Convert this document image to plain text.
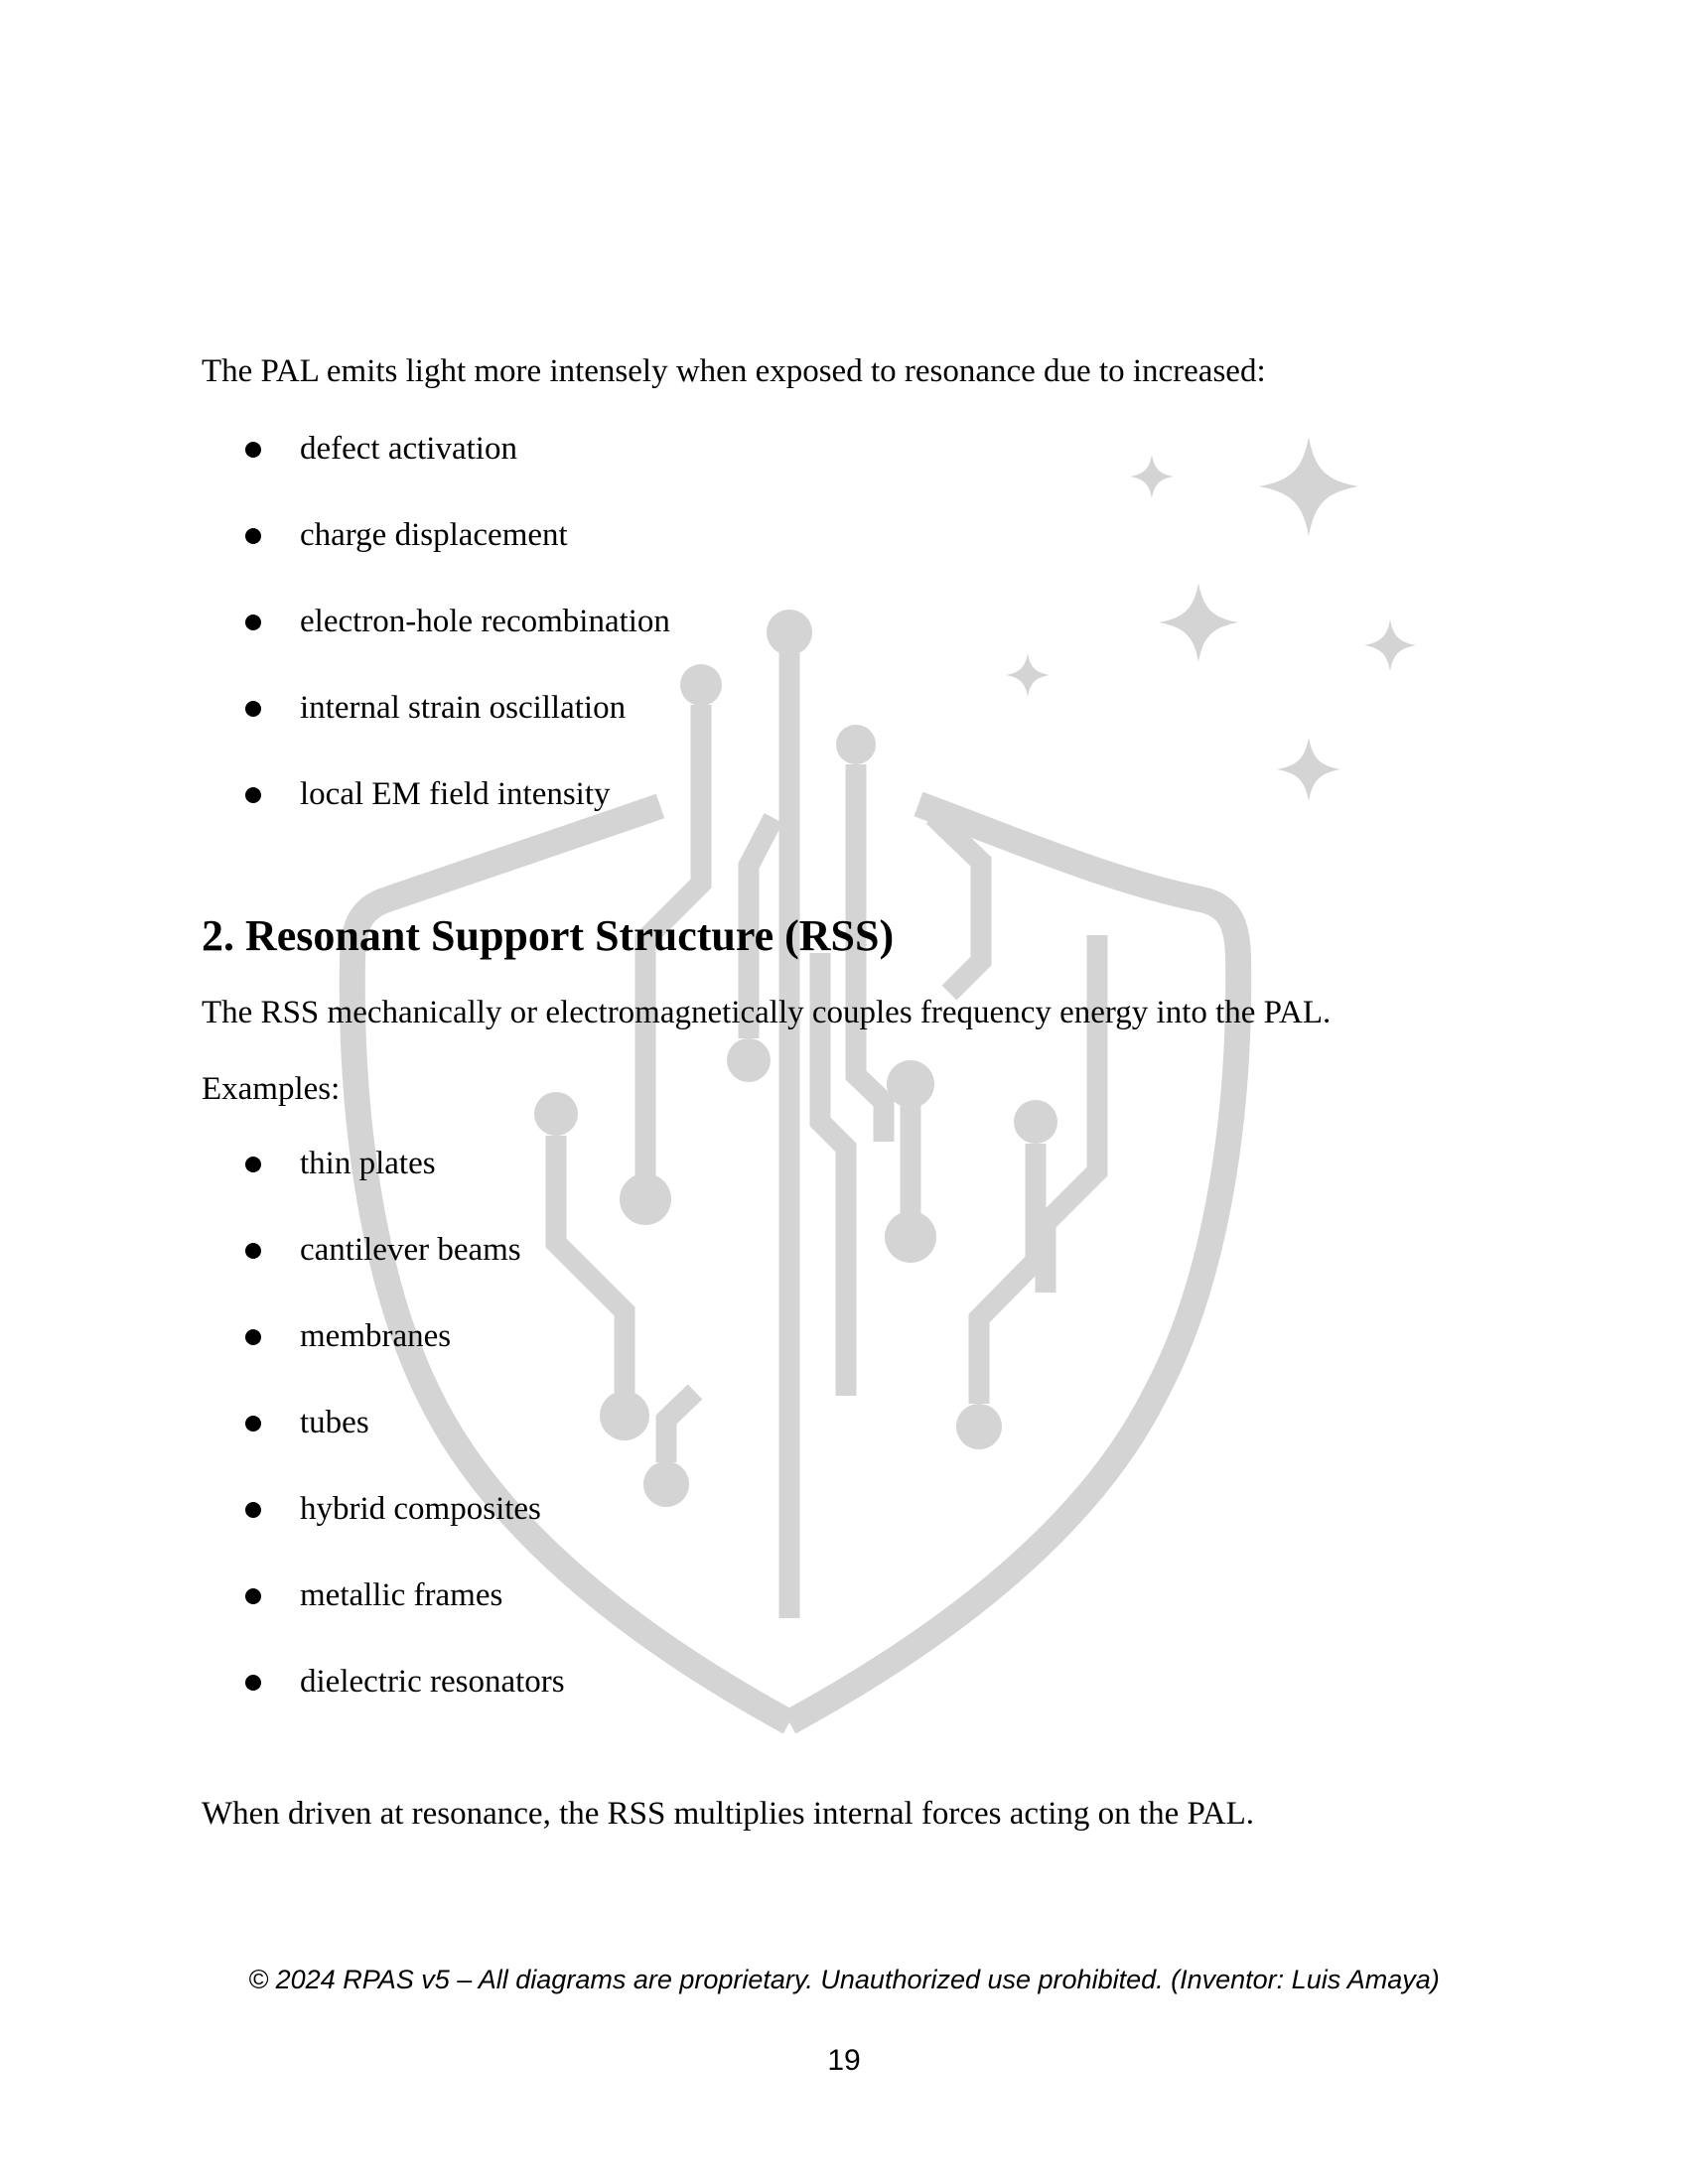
The PAL emits light more intensely when exposed to resonance due to increased:

defect activation
charge displacement
electron-hole recombination
internal strain oscillation
local EM field intensity
2. Resonant Support Structure (RSS)

The RSS mechanically or electromagnetically couples frequency energy into the PAL.

Examples:

thin plates
cantilever beams
membranes
tubes
hybrid composites
metallic frames
dielectric resonators

When driven at resonance, the RSS multiplies internal forces acting on the PAL.

© 2024 RPAS v5 – All diagrams are proprietary. Unauthorized use prohibited. (Inventor: Luis Amaya)
19
